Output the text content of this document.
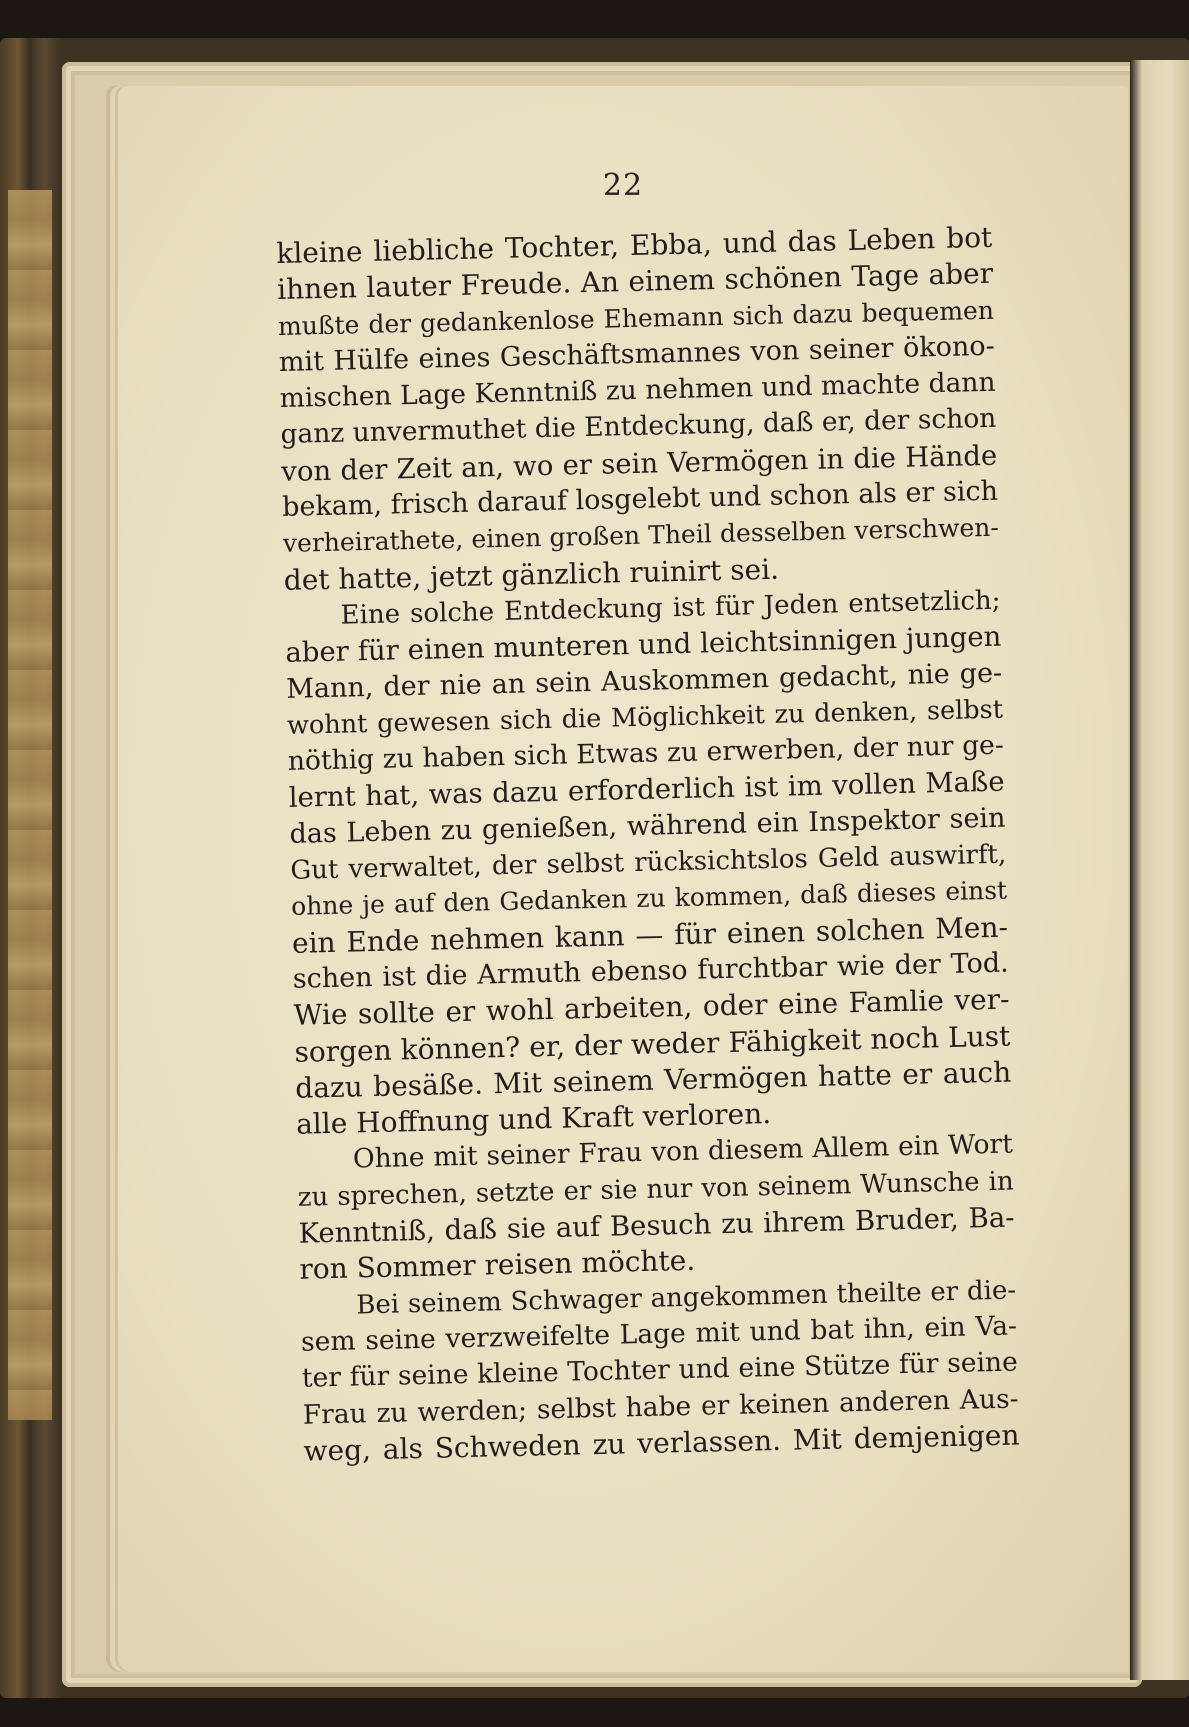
22
kleine liebliche Tochter, Ebba, und das Leben bot
ihnen lauter Freude. An einem schönen Tage aber
mußte der gedankenlose Ehemann sich dazu bequemen
mit Hülfe eines Geschäftsmannes von seiner ökono-
mischen Lage Kenntniß zu nehmen und machte dann
ganz unvermuthet die Entdeckung, daß er, der schon
von der Zeit an, wo er sein Vermögen in die Hände
bekam, frisch darauf losgelebt und schon als er sich
verheirathete, einen großen Theil desselben verschwen-
det hatte, jetzt gänzlich ruinirt sei.
Eine solche Entdeckung ist für Jeden entsetzlich;
aber für einen munteren und leichtsinnigen jungen
Mann, der nie an sein Auskommen gedacht, nie ge-
wohnt gewesen sich die Möglichkeit zu denken, selbst
nöthig zu haben sich Etwas zu erwerben, der nur ge-
lernt hat, was dazu erforderlich ist im vollen Maße
das Leben zu genießen, während ein Inspektor sein
Gut verwaltet, der selbst rücksichtslos Geld auswirft,
ohne je auf den Gedanken zu kommen, daß dieses einst
ein Ende nehmen kann — für einen solchen Men-
schen ist die Armuth ebenso furchtbar wie der Tod.
Wie sollte er wohl arbeiten, oder eine Famlie ver-
sorgen können? er, der weder Fähigkeit noch Lust
dazu besäße. Mit seinem Vermögen hatte er auch
alle Hoffnung und Kraft verloren.
Ohne mit seiner Frau von diesem Allem ein Wort
zu sprechen, setzte er sie nur von seinem Wunsche in
Kenntniß, daß sie auf Besuch zu ihrem Bruder, Ba-
ron Sommer reisen möchte.
Bei seinem Schwager angekommen theilte er die-
sem seine verzweifelte Lage mit und bat ihn, ein Va-
ter für seine kleine Tochter und eine Stütze für seine
Frau zu werden; selbst habe er keinen anderen Aus-
weg, als Schweden zu verlassen. Mit demjenigen
